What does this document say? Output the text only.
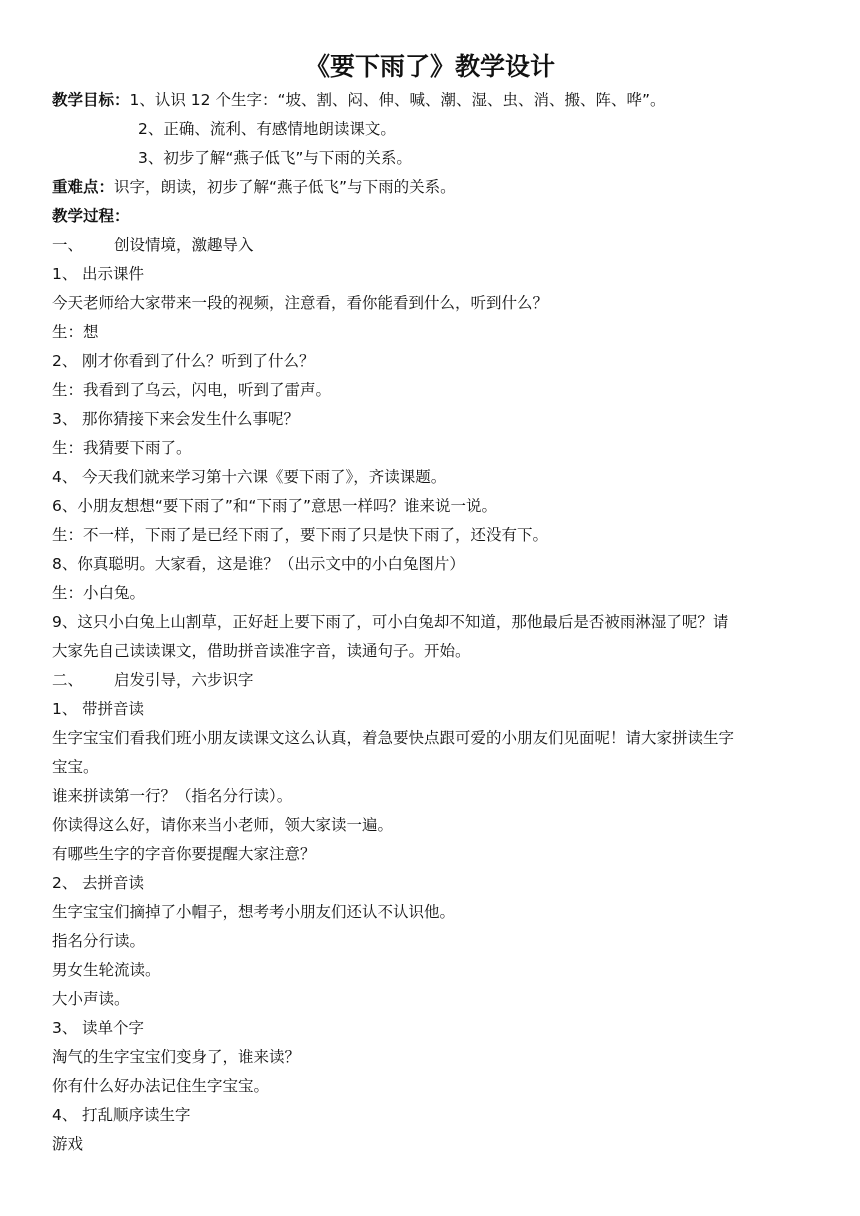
《要下雨了》教学设计
教学目标：1、认识 12 个生字：“坡、割、闷、伸、喊、潮、湿、虫、消、搬、阵、哗”。
2、正确、流利、有感情地朗读课文。
3、初步了解“燕子低飞”与下雨的关系。
重难点：识字，朗读，初步了解“燕子低飞”与下雨的关系。
教学过程：
一、 创设情境，激趣导入
1、 出示课件
今天老师给大家带来一段的视频，注意看，看你能看到什么，听到什么？
生：想
2、 刚才你看到了什么？听到了什么？
生：我看到了乌云，闪电，听到了雷声。
3、 那你猜接下来会发生什么事呢？
生：我猜要下雨了。
4、 今天我们就来学习第十六课《要下雨了》，齐读课题。
6、小朋友想想“要下雨了”和“下雨了”意思一样吗？谁来说一说。
生：不一样，下雨了是已经下雨了，要下雨了只是快下雨了，还没有下。
8、你真聪明。大家看，这是谁？（出示文中的小白兔图片）
生：小白兔。
9、这只小白兔上山割草，正好赶上要下雨了，可小白兔却不知道，那他最后是否被雨淋湿了呢？请
大家先自己读读课文，借助拼音读准字音，读通句子。开始。
二、 启发引导，六步识字
1、 带拼音读
生字宝宝们看我们班小朋友读课文这么认真，着急要快点跟可爱的小朋友们见面呢！请大家拼读生字
宝宝。
谁来拼读第一行？（指名分行读）。
你读得这么好，请你来当小老师，领大家读一遍。
有哪些生字的字音你要提醒大家注意？
2、 去拼音读
生字宝宝们摘掉了小帽子，想考考小朋友们还认不认识他。
指名分行读。
男女生轮流读。
大小声读。
3、 读单个字
淘气的生字宝宝们变身了，谁来读？
你有什么好办法记住生字宝宝。
4、 打乱顺序读生字
游戏
